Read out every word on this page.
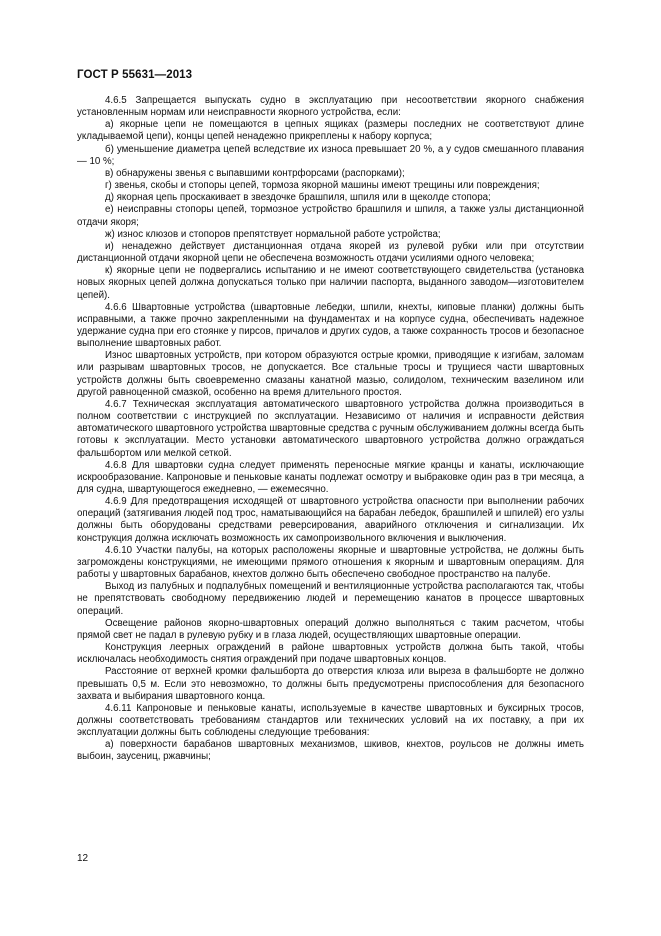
ГОСТ Р 55631—2013

4.6.5 Запрещается выпускать судно в эксплуатацию при несоответствии якорного снабжения установленным нормам или неисправности якорного устройства, если:

а) якорные цепи не помещаются в цепных ящиках (размеры последних не соответствуют длине укладываемой цепи), концы цепей ненадежно прикреплены к набору корпуса;

б) уменьшение диаметра цепей вследствие их износа превышает 20 %, а у судов смешанного плавания — 10 %;

в) обнаружены звенья с выпавшими контрфорсами (распорками);

г) звенья, скобы и стопоры цепей, тормоза якорной машины имеют трещины или повреждения;

д) якорная цепь проскакивает в звездочке брашпиля, шпиля или в щеколде стопора;

е) неисправны стопоры цепей, тормозное устройство брашпиля и шпиля, а также узлы дистанционной отдачи якоря;

ж) износ клюзов и стопоров препятствует нормальной работе устройства;

и) ненадежно действует дистанционная отдача якорей из рулевой рубки или при отсутствии дистанционной отдачи якорной цепи не обеспечена возможность отдачи усилиями одного человека;

к) якорные цепи не подвергались испытанию и не имеют соответствующего свидетельства (установка новых якорных цепей должна допускаться только при наличии паспорта, выданного заводом—изготовителем цепей).

4.6.6 Швартовные устройства (швартовные лебедки, шпили, кнехты, киповые планки) должны быть исправными, а также прочно закрепленными на фундаментах и на корпусе судна, обеспечивать надежное удержание судна при его стоянке у пирсов, причалов и других судов, а также сохранность тросов и безопасное выполнение швартовных работ.

Износ швартовных устройств, при котором образуются острые кромки, приводящие к изгибам, заломам или разрывам швартовных тросов, не допускается. Все стальные тросы и трущиеся части швартовных устройств должны быть своевременно смазаны канатной мазью, солидолом, техническим вазелином или другой равноценной смазкой, особенно на время длительного простоя.

4.6.7 Техническая эксплуатация автоматического швартовного устройства должна производиться в полном соответствии с инструкцией по эксплуатации. Независимо от наличия и исправности действия автоматического швартовного устройства швартовные средства с ручным обслуживанием должны всегда быть готовы к эксплуатации. Место установки автоматического швартовного устройства должно ограждаться фальшбортом или мелкой сеткой.

4.6.8 Для швартовки судна следует применять переносные мягкие кранцы и канаты, исключающие искрообразование. Капроновые и пеньковые канаты подлежат осмотру и выбраковке один раз в три месяца, а для судна, швартующегося ежедневно, — ежемесячно.

4.6.9 Для предотвращения исходящей от швартовного устройства опасности при выполнении рабочих операций (затягивания людей под трос, наматывающийся на барабан лебедок, брашпилей и шпилей) его узлы должны быть оборудованы средствами реверсирования, аварийного отключения и сигнализации. Их конструкция должна исключать возможность их самопроизвольного включения и выключения.

4.6.10 Участки палубы, на которых расположены якорные и швартовные устройства, не должны быть загромождены конструкциями, не имеющими прямого отношения к якорным и швартовным операциям. Для работы у швартовных барабанов, кнехтов должно быть обеспечено свободное пространство на палубе.

Выход из палубных и подпалубных помещений и вентиляционные устройства располагаются так, чтобы не препятствовать свободному передвижению людей и перемещению канатов в процессе швартовных операций.

Освещение районов якорно-швартовных операций должно выполняться с таким расчетом, чтобы прямой свет не падал в рулевую рубку и в глаза людей, осуществляющих швартовные операции.

Конструкция леерных ограждений в районе швартовных устройств должна быть такой, чтобы исключалась необходимость снятия ограждений при подаче швартовных концов.

Расстояние от верхней кромки фальшборта до отверстия клюза или выреза в фальшборте не должно превышать 0,5 м. Если это невозможно, то должны быть предусмотрены приспособления для безопасного захвата и выбирания швартовного конца.

4.6.11 Капроновые и пеньковые канаты, используемые в качестве швартовных и буксирных тросов, должны соответствовать требованиям стандартов или технических условий на их поставку, а при их эксплуатации должны быть соблюдены следующие требования:

а) поверхности барабанов швартовных механизмов, шкивов, кнехтов, роульсов не должны иметь выбоин, заусениц, ржавчины;

12
